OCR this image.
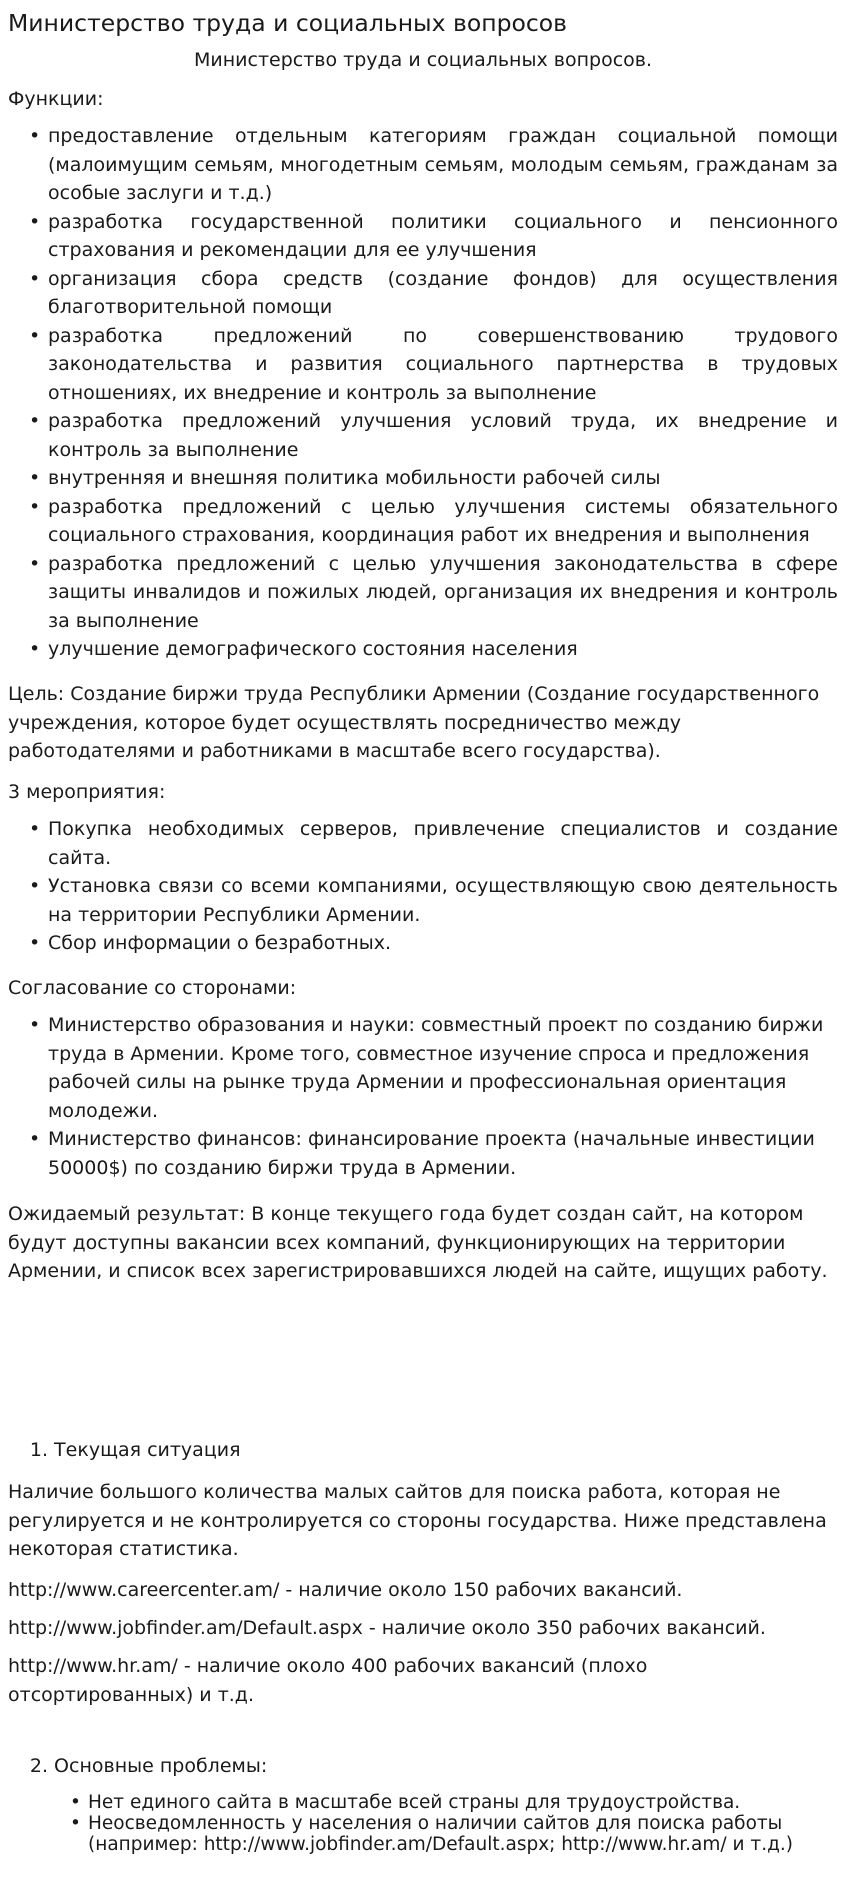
Министерство труда и социальных вопросов
Министерство труда и социальных вопросов.

Функции:

• предоставление отдельным категориям граждан социальной помощи (малоимущим семьям, многодетным семьям, молодым семьям, гражданам за особые заслуги и т.д.)
• разработка государственной политики социального и пенсионного страхования и рекомендации для ее улучшения
• организация сбора средств (создание фондов) для осуществления благотворительной помощи
• разработка предложений по совершенствованию трудового законодательства и развития социального партнерства в трудовых отношениях, их внедрение и контроль за выполнение
• разработка предложений улучшения условий труда, их внедрение и контроль за выполнение
• внутренняя и внешняя политика мобильности рабочей силы
• разработка предложений с целью улучшения системы обязательного социального страхования, координация работ их внедрения и выполнения
• разработка предложений с целью улучшения законодательства в сфере защиты инвалидов и пожилых людей, организация их внедрения и контроль за выполнение
• улучшение демографического состояния населения

Цель: Создание биржи труда Республики Армении (Создание государственного учреждения, которое будет осуществлять посредничество между работодателями и работниками в масштабе всего государства).

3 мероприятия:

• Покупка необходимых серверов, привлечение специалистов и создание сайта.
• Установка связи со всеми компаниями, осуществляющую свою деятельность на территории Республики Армении.
• Сбор информации о безработных.

Согласование со сторонами:

• Министерство образования и науки: совместный проект по созданию биржи труда в Армении. Кроме того, совместное изучение спроса и предложения рабочей силы на рынке труда Армении и профессиональная ориентация молодежи.
• Министерство финансов: финансирование проекта (начальные инвестиции 50000$) по созданию биржи труда в Армении.

Ожидаемый результат: В конце текущего года будет создан сайт, на котором будут доступны вакансии всех компаний, функционирующих на территории Армении, и список всех зарегистрировавшихся людей на сайте, ищущих работу.

1. Текущая ситуация

Наличие большого количества малых сайтов для поиска работа, которая не регулируется и не контролируется со стороны государства. Ниже представлена некоторая статистика.

http://www.careercenter.am/ - наличие около 150 рабочих вакансий.

http://www.jobfinder.am/Default.aspx - наличие около 350 рабочих вакансий.

http://www.hr.am/ - наличие около 400 рабочих вакансий (плохо отсортированных) и т.д.

2. Основные проблемы:
• Нет единого сайта в масштабе всей страны для трудоустройства.
• Неосведомленность у населения о наличии сайтов для поиска работы (например: http://www.jobfinder.am/Default.aspx; http://www.hr.am/ и т.д.)
